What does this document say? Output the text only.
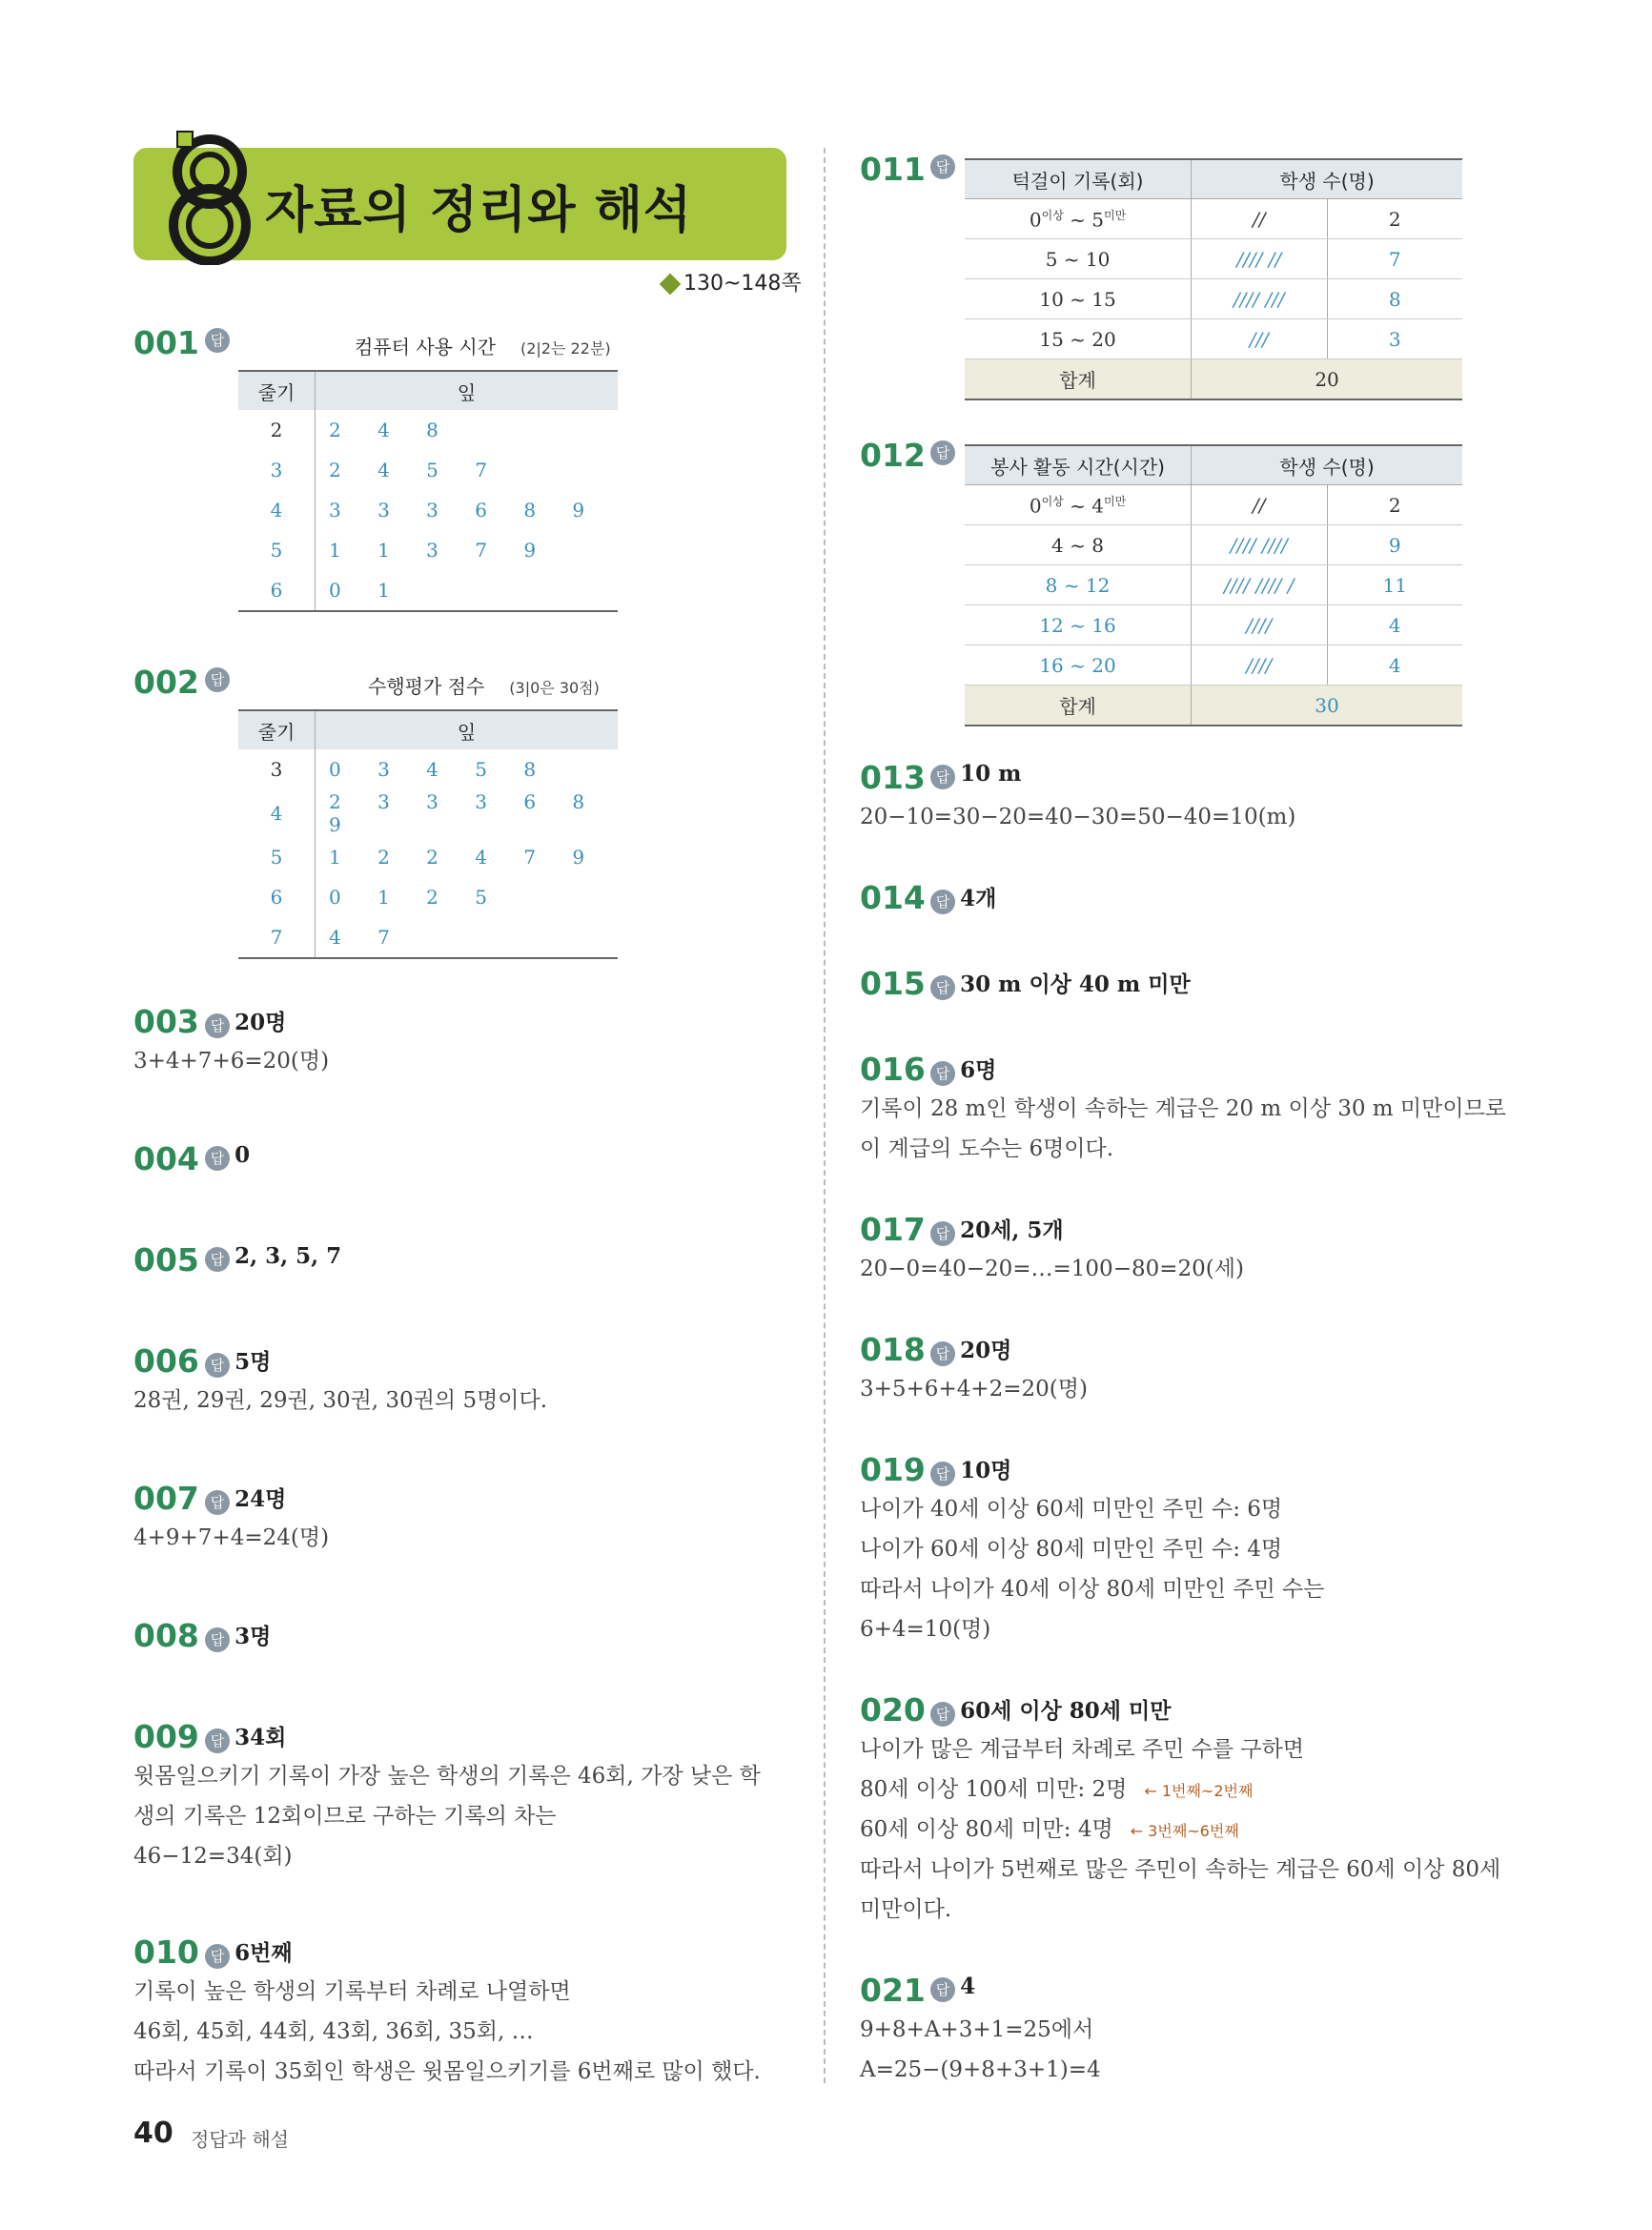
자료의 정리와 해석
130~148쪽
001 답	컴퓨터 사용 시간 (2|2는 22분)
줄기	잎
2	2 4 8
3	2 4 5 7
4	3 3 3 6 8 9
5	1 1 3 7 9
6	0 1
002 답	수행평가 점수 (3|0은 30점)
줄기	잎
3	0 3 4 5 8
4	2 3 3 3 6 8 9
5	1 2 2 4 7 9
6	0 1 2 5
7	4 7
003 답 20명
3+4+7+6=20(명)
004 답 0
005 답 2, 3, 5, 7
006 답 5명
28권, 29권, 29권, 30권, 30권의 5명이다.
007 답 24명
4+9+7+4=24(명)
008 답 3명
009 답 34회
윗몸일으키기 기록이 가장 높은 학생의 기록은 46회, 가장 낮은 학
생의 기록은 12회이므로 구하는 기록의 차는
46−12=34(회)
010 답 6번째
기록이 높은 학생의 기록부터 차례로 나열하면
46회, 45회, 44회, 43회, 36회, 35회, …
따라서 기록이 35회인 학생은 윗몸일으키기를 6번째로 많이 했다.
011 답
턱걸이 기록(회)	학생 수(명)	
$0^{이상}$ ~ $5^{미만}$	//	2
5 ~ 10	//// //	7
10 ~ 15	//// ///	8
15 ~ 20	///	3
합계	20	
012 답
봉사 활동 시간(시간)	학생 수(명)	
$0^{이상}$ ~ $4^{미만}$	//	2
4 ~ 8	//// ////	9
8 ~ 12	//// //// /	11
12 ~ 16	////	4
16 ~ 20	////	4
합계	30	
013 답 10 m
20−10=30−20=40−30=50−40=10(m)
014 답 4개
015 답 30 m 이상 40 m 미만
016 답 6명
기록이 28 m인 학생이 속하는 계급은 20 m 이상 30 m 미만이므로
이 계급의 도수는 6명이다.
017 답 20세, 5개
20−0=40−20=…=100−80=20(세)
018 답 20명
3+5+6+4+2=20(명)
019 답 10명
나이가 40세 이상 60세 미만인 주민 수: 6명
나이가 60세 이상 80세 미만인 주민 수: 4명
따라서 나이가 40세 이상 80세 미만인 주민 수는
6+4=10(명)
020 답 60세 이상 80세 미만
나이가 많은 계급부터 차례로 주민 수를 구하면
80세 이상 100세 미만: 2명 ← 1번째~2번째
60세 이상 80세 미만: 4명 ← 3번째~6번째
따라서 나이가 5번째로 많은 주민이 속하는 계급은 60세 이상 80세
미만이다.
021 답 4
9+8+A+3+1=25에서
A=25−(9+8+3+1)=4
40 정답과 해설
